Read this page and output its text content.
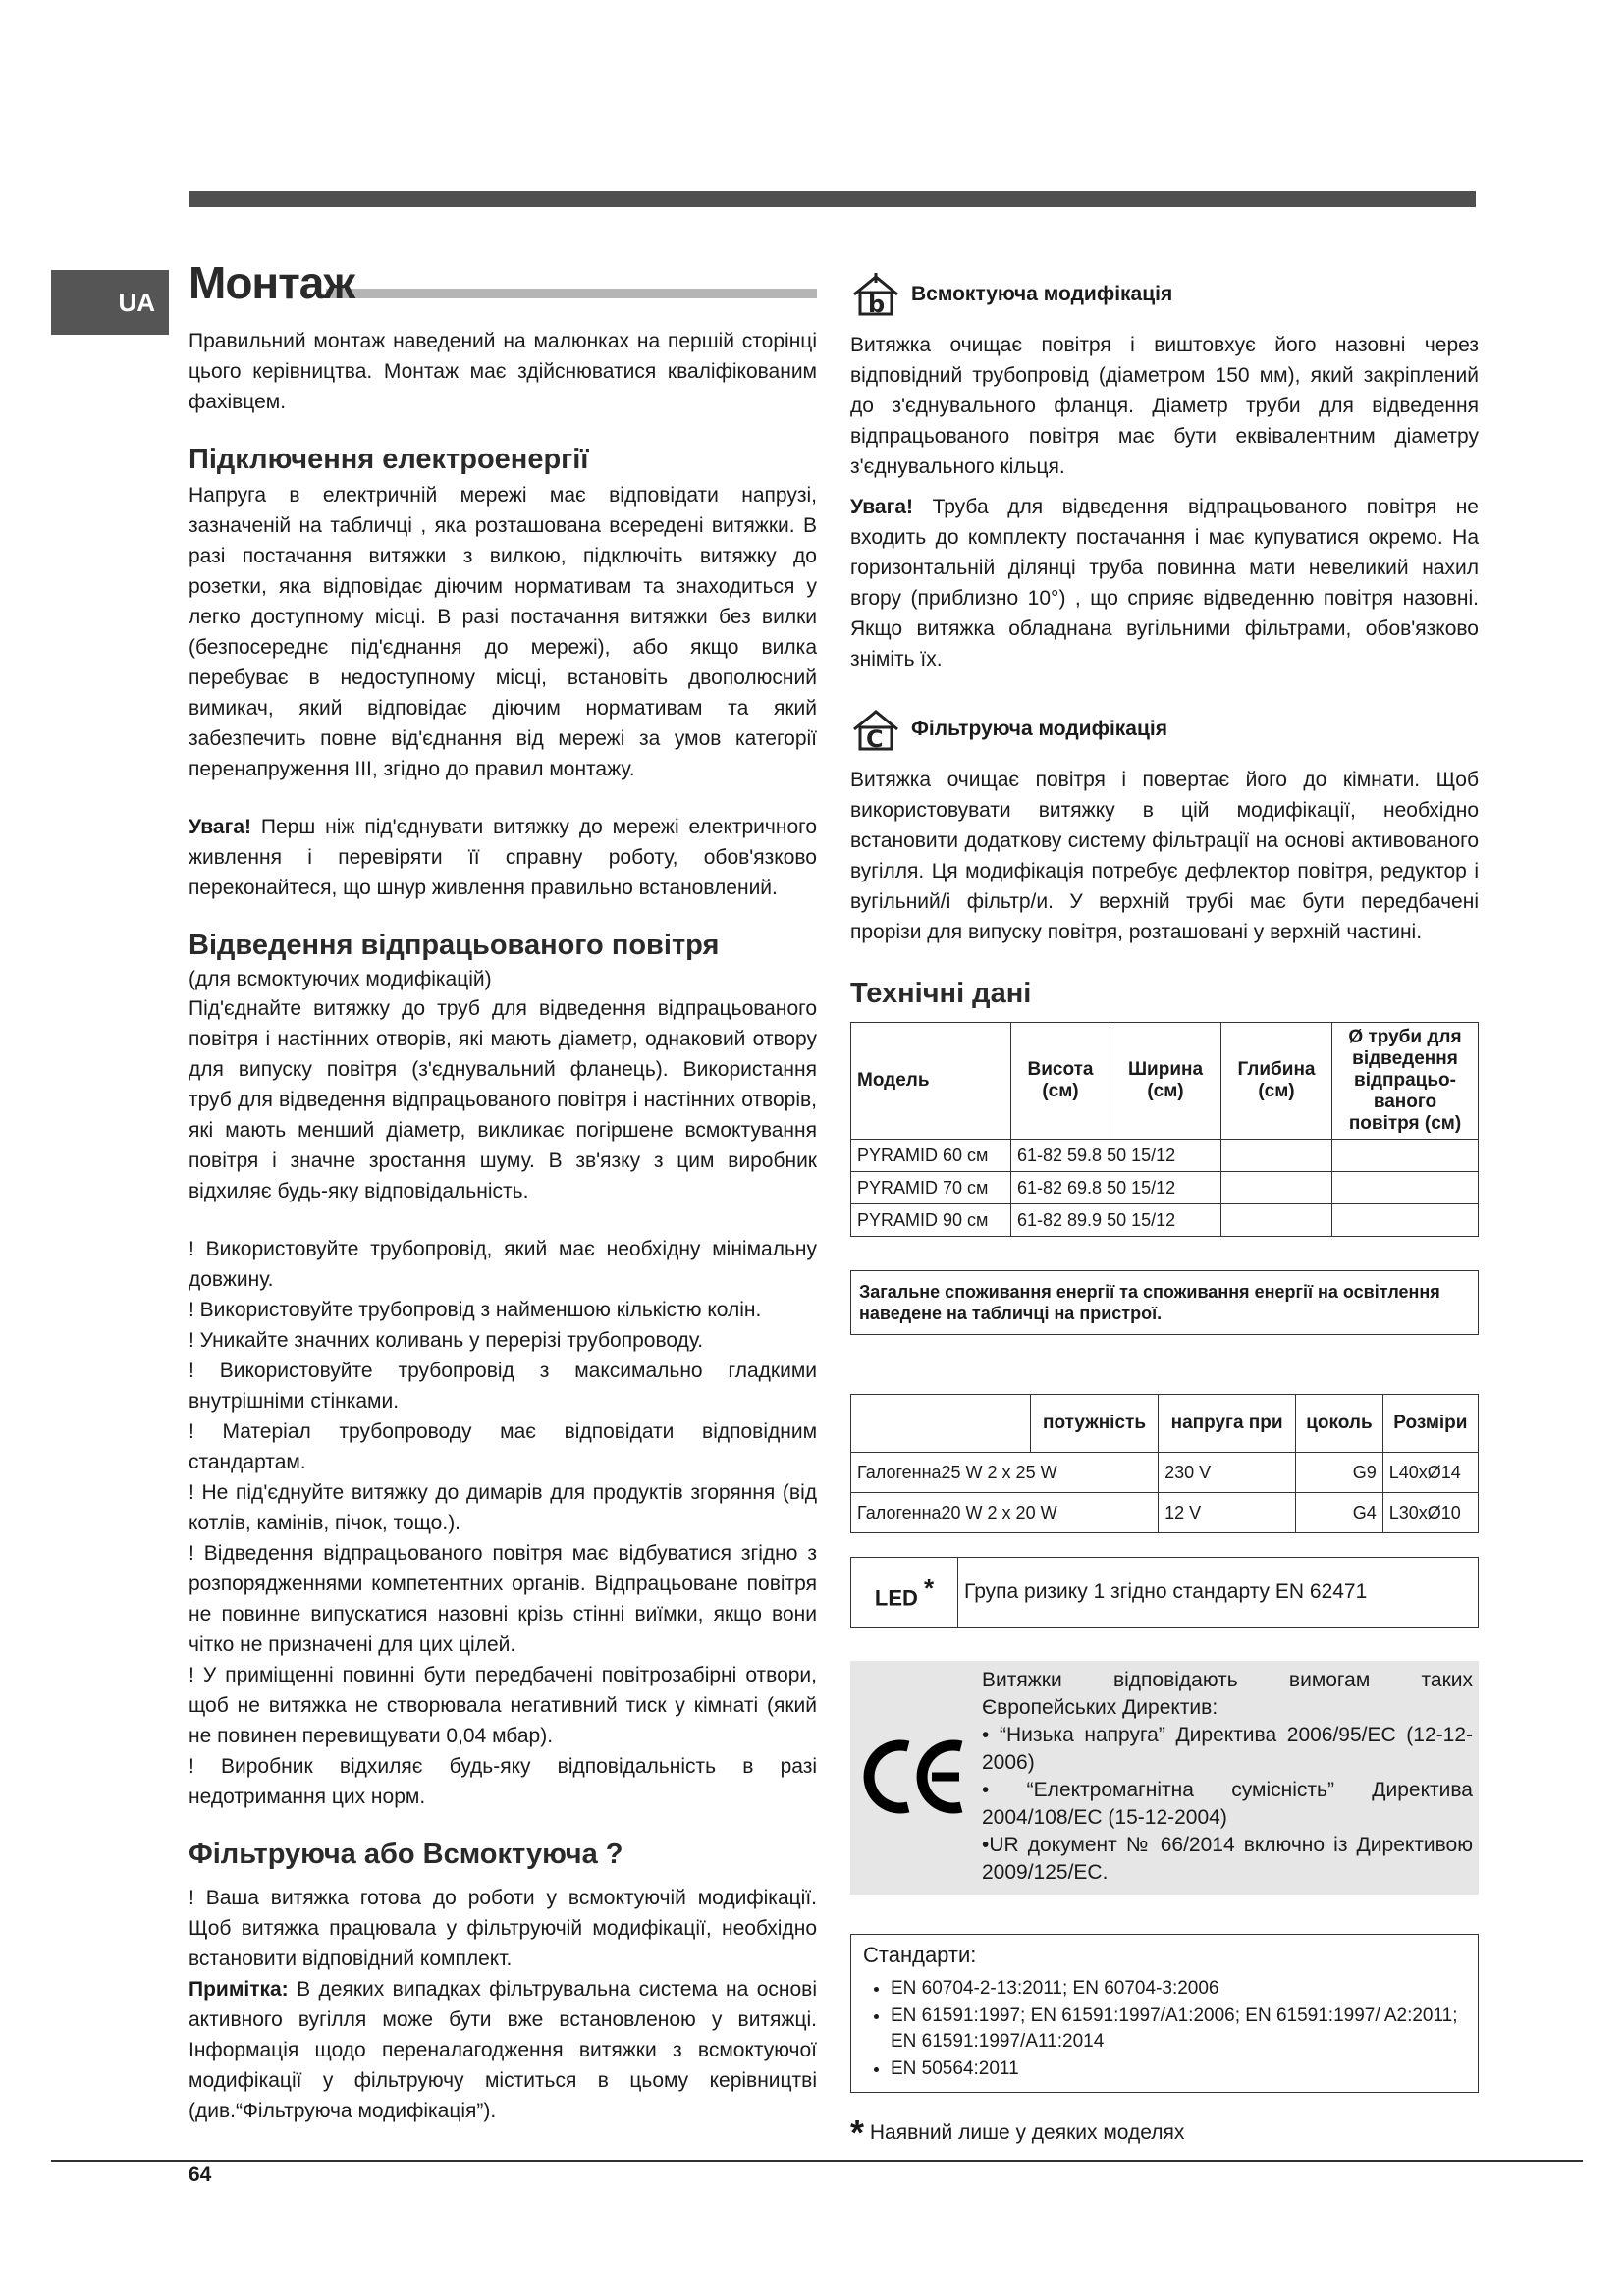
UA Монтаж

Правильний монтаж наведений на малюнках на першій сторінці цього керівництва. Монтаж має здійснюватися кваліфікованим фахівцем.

Підключення електроенергії

Напруга в електричній мережі має відповідати напрузі, зазначеній на табличці , яка розташована всередені витяжки. В разі постачання витяжки з вилкою, підключіть витяжку до розетки, яка відповідає діючим нормативам та знаходиться у легко доступному місці. В разі постачання витяжки без вилки (безпосереднє під'єднання до мережі), або якщо вилка перебуває в недоступному місці, встановіть двополюсний вимикач, який відповідає діючим нормативам та який забезпечить повне від'єднання від мережі за умов категорії перенапруження III, згідно до правил монтажу.

Увага! Перш ніж під'єднувати витяжку до мережі електричного живлення і перевіряти її справну роботу, обов'язково переконайтеся, що шнур живлення правильно встановлений.

Відведення відпрацьованого повітря

(для всмоктуючих модифікацій)

Під'єднайте витяжку до труб для відведення відпрацьованого повітря і настінних отворів, які мають діаметр, однаковий отвору для випуску повітря (з'єднувальний фланець). Використання труб для відведення відпрацьованого повітря і настінних отворів, які мають менший діаметр, викликає погіршене всмоктування повітря і значне зростання шуму. В зв'язку з цим виробник відхиляє будь-яку відповідальність.

! Використовуйте трубопровід, який має необхідну мінімальну довжину.

! Використовуйте трубопровід з найменшою кількістю колін.

! Уникайте значних коливань у перерізі трубопроводу.

! Використовуйте трубопровід з максимально гладкими внутрішніми стінками.

! Матеріал трубопроводу має відповідати відповідним стандартам.

! Не під'єднуйте витяжку до димарів для продуктів згоряння (від котлів, камінів, пічок, тощо.).

! Відведення відпрацьованого повітря має відбуватися згідно з розпорядженнями компетентних органів. Відпрацьоване повітря не повинне випускатися назовні крізь стінні виїмки, якщо вони чітко не призначені для цих цілей.

! У приміщенні повинні бути передбачені повітрозабірні отвори, щоб не витяжка не створювала негативний тиск у кімнаті (який не повинен перевищувати 0,04 мбар).

! Виробник відхиляє будь-яку відповідальність в разі недотримання цих норм.

Фільтруюча або Всмоктуюча ?

! Ваша витяжка готова до роботи у всмоктуючій модифікації. Щоб витяжка працювала у фільтруючій модифікації, необхідно встановити відповідний комплект.

Примітка: В деяких випадках фільтрувальна система на основі активного вугілля може бути вже встановленою у витяжці. Інформація щодо переналагодження витяжки з всмоктуючої модифікації у фільтруючу міститься в цьому керівництві (див.“Фільтруюча модифікація”).

b Всмоктуюча модифікація

Витяжка очищає повітря і виштовхує його назовні через відповідний трубопровід (діаметром 150 мм), який закріплений до з'єднувального фланця. Діаметр труби для відведення відпрацьованого повітря має бути еквівалентним діаметру з'єднувального кільця.

Увага! Труба для відведення відпрацьованого повітря не входить до комплекту постачання і має купуватися окремо. На горизонтальній ділянці труба повинна мати невеликий нахил вгору (приблизно 10°) , що сприяє відведенню повітря назовні. Якщо витяжка обладнана вугільними фільтрами, обов'язково зніміть їх.

C Фільтруюча модифікація

Витяжка очищає повітря і повертає його до кімнати. Щоб використовувати витяжку в цій модифікації, необхідно встановити додаткову систему фільтрації на основі активованого вугілля. Ця модифікація потребує дефлектор повітря, редуктор і вугільний/і фільтр/и. У верхній трубі має бути передбачені прорізи для випуску повітря, розташовані у верхній частині.

Технічні дані
Модель	Висота (см)	Ширина (см)	Глибина (см)	Ø труби для відведення відпрацьо-ваного повітря (см)
PYRAMID 60 см	61-82 59.8 50 15/12			
PYRAMID 70 см	61-82 69.8 50 15/12			
PYRAMID 90 см	61-82 89.9 50 15/12			
Загальне споживання енергії та споживання енергії на освітлення наведене на табличці на пристрої.
	потужність	напруга при	цоколь	Розміри
Галогенна25 W 2 x 25 W		230 V	G9	L40xØ14
Галогенна20 W 2 x 20 W		12 V	G4	L30xØ10
LED *	Група ризику 1 згідно стандарту EN 62471
Витяжки відповідають вимогам таких Європейських Директив:
• “Низька напруга” Директива 2006/95/EC (12-12-2006)
• “Електромагнітна сумісність” Директива 2004/108/EC (15-12-2004)
•UR документ № 66/2014 включно із Директивою 2009/125/EC.
Стандарти:
• EN 60704-2-13:2011; EN 60704-3:2006
• EN 61591:1997; EN 61591:1997/A1:2006; EN 61591:1997/ A2:2011; EN 61591:1997/A11:2014
• EN 50564:2011
* Наявний лише у деяких моделях
64
